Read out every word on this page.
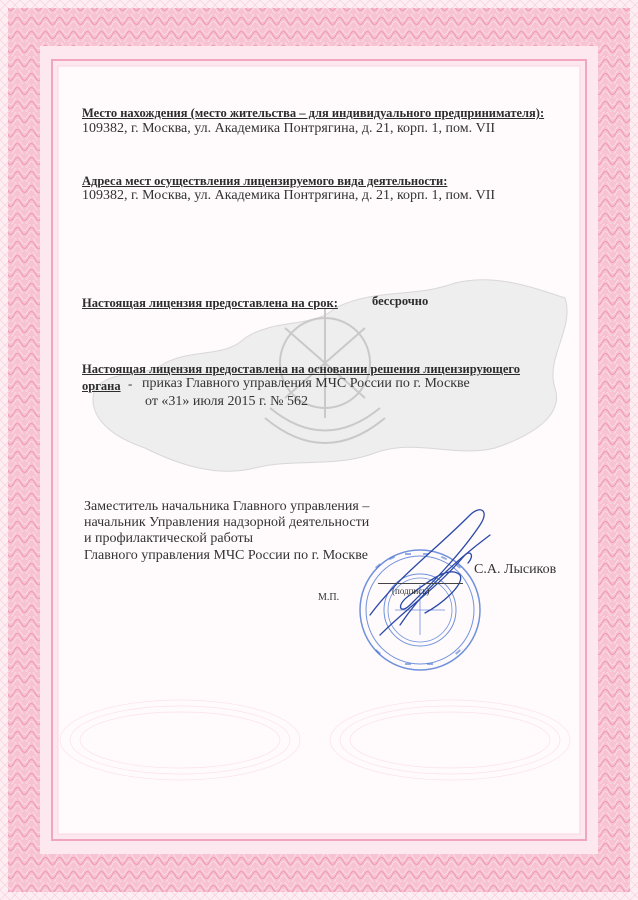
Место нахождения (место жительства – для индивидуального предпринимателя):
109382, г. Москва, ул. Академика Понтрягина, д. 21, корп. 1, пом. VII
Адреса мест осуществления лицензируемого вида деятельности:
109382, г. Москва, ул. Академика Понтрягина, д. 21, корп. 1, пом. VII
Настоящая лицензия предоставлена на срок:	бессрочно
Настоящая лицензия предоставлена на основании решения лицензирующего
органа - приказ Главного управления МЧС России по г. Москве
от «31» июля 2015 г. № 562
Заместитель начальника Главного управления –
начальник Управления надзорной деятельности
и профилактической работы
Главного управления МЧС России по г. Москве
(подпись)
М.П.
С.А. Лысиков
